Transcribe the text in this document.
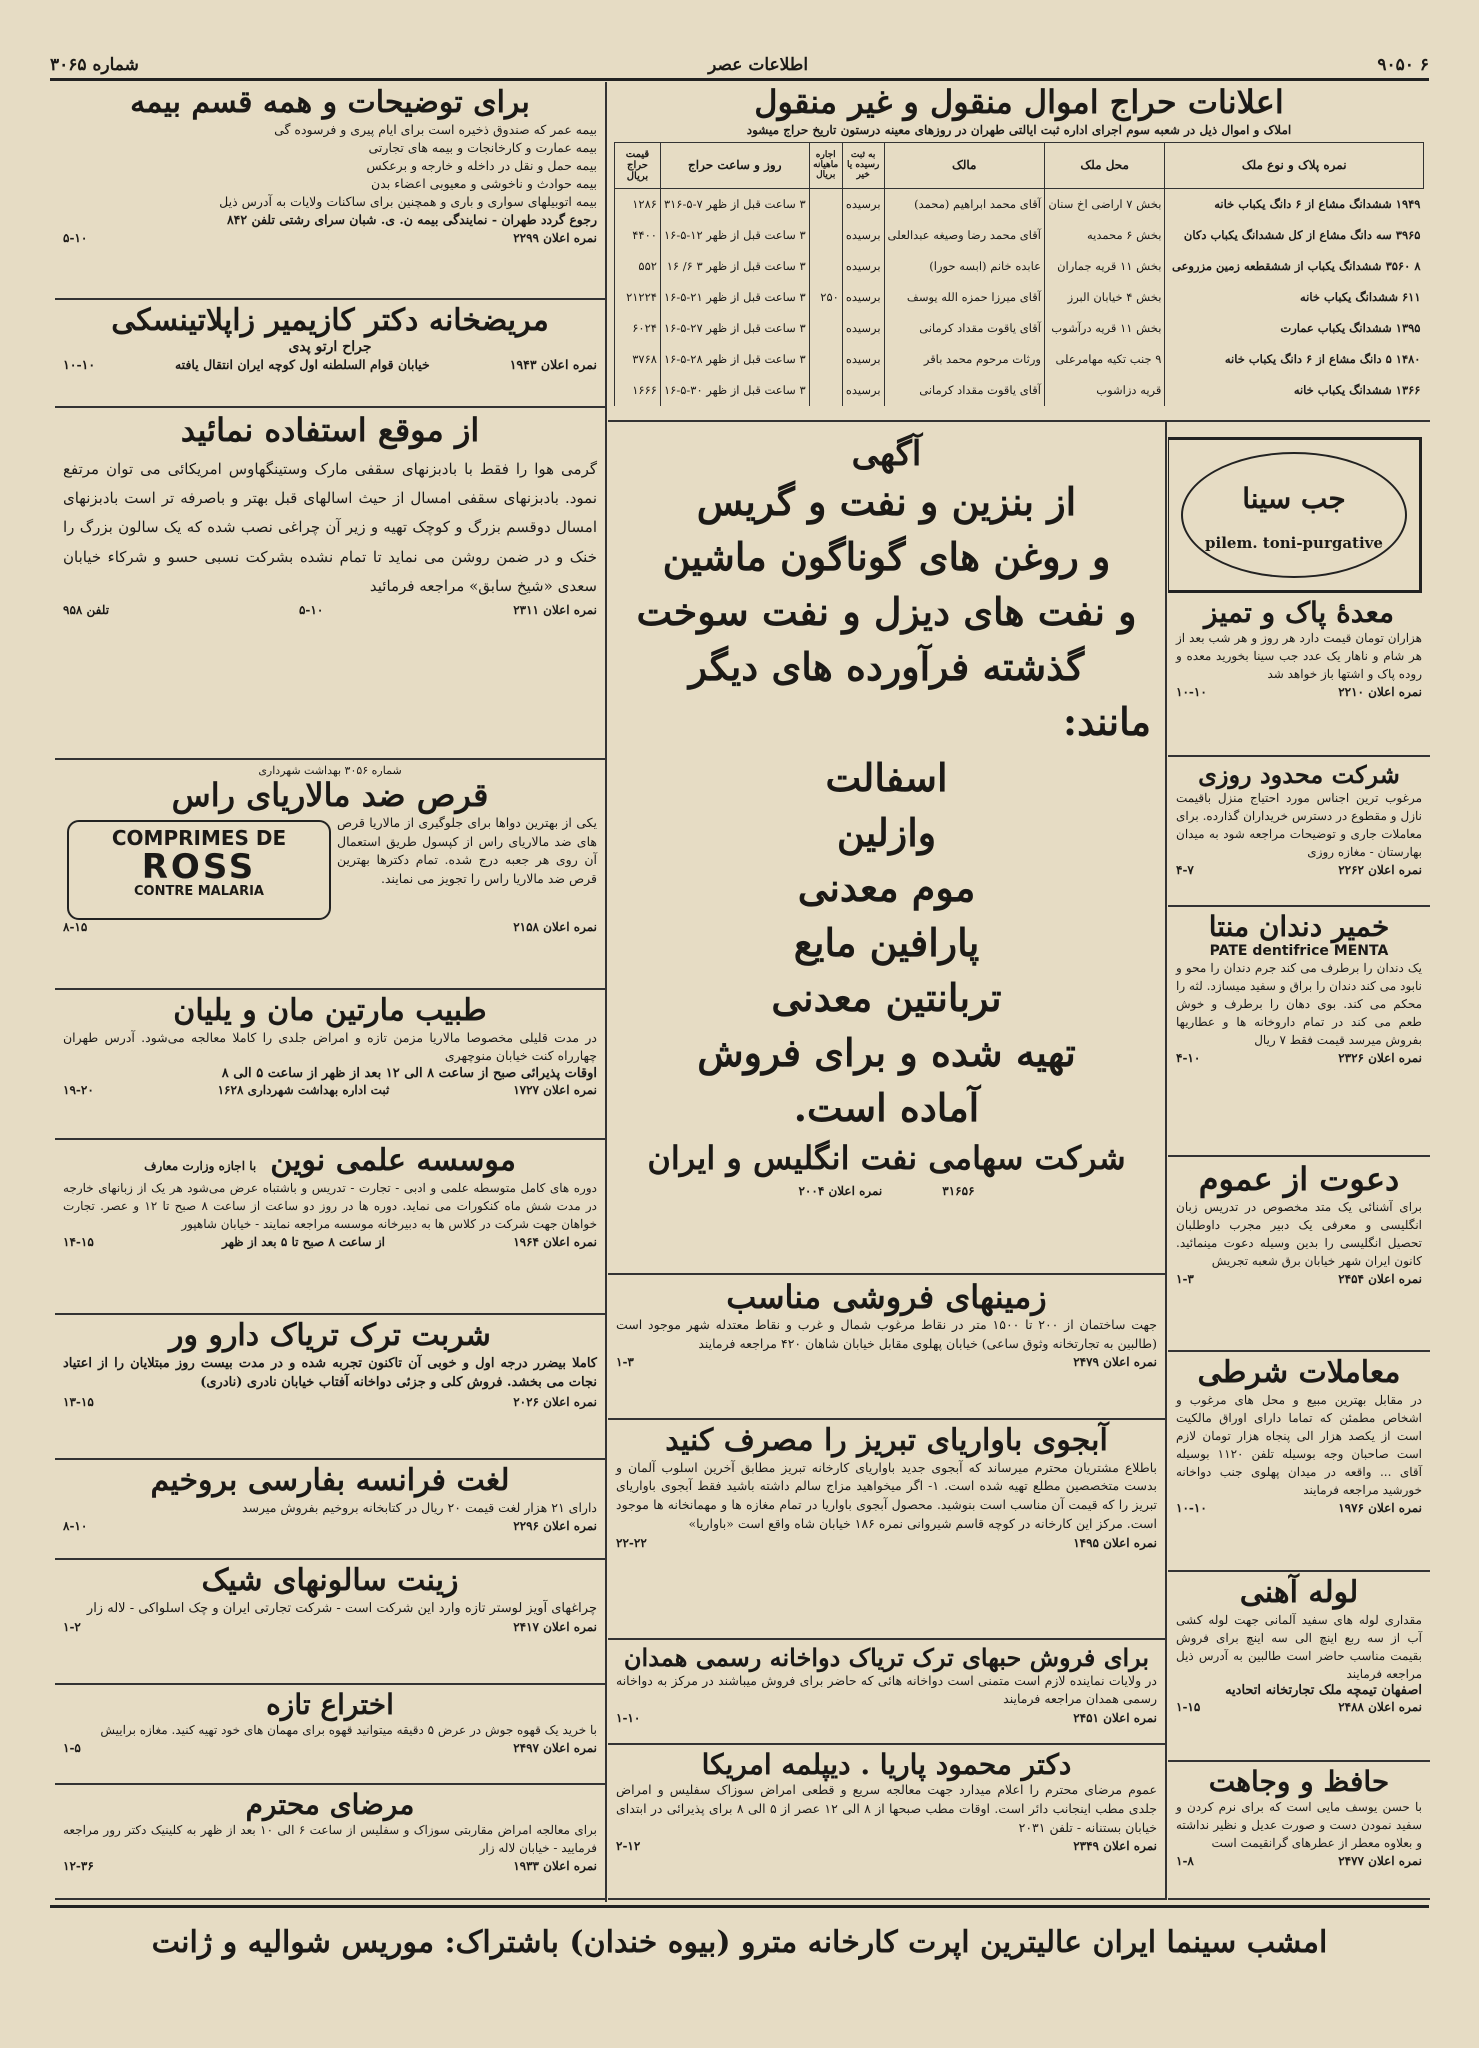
۶ ۹۰۵۰
اطلاعات عصر
شماره ۳۰۶۵
اعلانات حراج اموال منقول و غیر منقول
املاک و اموال ذیل در شعبه سوم اجرای اداره ثبت ایالتی طهران در روزهای معینه درستون تاریخ حراج میشود
نمره پلاک و نوع ملک	محل ملک	مالک	به ثبت رسیده یا خیر	اجاره ماهیانه بریال	روز و ساعت حراج	قیمت حراج بریال
۱۹۴۹ ششدانگ مشاع از ۶ دانگ یکباب خانه	بخش ۷ اراضی اخ سنان	آقای محمد ابراهیم (محمد)	برسیده		۳ ساعت قبل از ظهر ۷-۵-۳۱۶	۱۲۸۶
۳۹۶۵ سه دانگ مشاع از کل ششدانگ یکباب دکان	بخش ۶ محمدیه	آقای محمد رضا وصیغه عبدالعلی	برسیده		۳ ساعت قبل از ظهر ۱۲-۵-۱۶	۴۴۰۰
۸ ۳۵۶۰ ششدانگ یکباب از ششقطعه زمین مزروعی	بخش ۱۱ قریه جماران	عابده خانم (ابسه حورا)	برسیده		۳ ساعت قبل از ظهر ۳ ۶/ ۱۶	۵۵۲
۶۱۱ ششدانگ یکباب خانه	بخش ۴ خیابان البرز	آقای میرزا حمزه الله یوسف	برسیده	۲۵۰	۳ ساعت قبل از ظهر ۲۱-۵-۱۶	۲۱۲۲۴
۱۳۹۵ ششدانگ یکباب عمارت	بخش ۱۱ قریه درآشوب	آقای یاقوت مقداد کرمانی	برسیده		۳ ساعت قبل از ظهر ۲۷-۵-۱۶	۶۰۲۴
۱۴۸۰ ۵ دانگ مشاع از ۶ دانگ یکباب خانه	۹ جنب تکیه مهامرعلی	ورثات مرحوم محمد باقر	برسیده		۳ ساعت قبل از ظهر ۲۸-۵-۱۶	۳۷۶۸
۱۳۶۶ ششدانگ یکباب خانه	قریه دزاشوب	آقای یاقوت مقداد کرمانی	برسیده		۳ ساعت قبل از ظهر ۳۰-۵-۱۶	۱۶۶۶
جب سینا
pilem. toni-purgative
معدهٔ پاک و تمیز
هزاران تومان قیمت دارد هر روز و هر شب بعد از هر شام و ناهار یک عدد جب سینا بخورید معده و روده پاک و اشتها باز خواهد شد
نمره اعلان ۲۲۱۰
۱۰-۱۰
شرکت محدود روزی
مرغوب ترین اجناس مورد احتیاج منزل باقیمت نازل و مقطوع در دسترس خریداران گذارده. برای معاملات جاری و توضیحات مراجعه شود به میدان بهارستان - مغازه روزی
نمره اعلان ۲۲۶۲
۴-۷
خمیر دندان منتا
PATE dentifrice MENTA
یک دندان را برطرف می کند جرم دندان را محو و نابود می کند دندان را براق و سفید میسازد. لثه را محکم می کند. بوی دهان را برطرف و خوش طعم می کند در تمام داروخانه ها و عطاریها بفروش میرسد قیمت فقط ۷ ریال
نمره اعلان ۲۳۲۶
۴-۱۰
دعوت از عموم
برای آشنائی یک متد مخصوص در تدریس زبان انگلیسی و معرفی یک دبیر مجرب داوطلبان تحصیل انگلیسی را بدین وسیله دعوت مینمائید. کانون ایران شهر خیابان برق شعبه تجریش
نمره اعلان ۲۴۵۴
۱-۳
معاملات شرطی
در مقابل بهترین مبیع و محل های مرغوب و اشخاص مطمئن که تماما دارای اوراق مالکیت است از یکصد هزار الی پنجاه هزار تومان لازم است صاحبان وجه بوسیله تلفن ۱۱۲۰ بوسیله آقای ... واقعه در میدان پهلوی جنب دواخانه خورشید مراجعه فرمایند
نمره اعلان ۱۹۷۶
۱۰-۱۰
لوله آهنی
مقداری لوله های سفید آلمانی جهت لوله کشی آب از سه ربع اینچ الی سه اینچ برای فروش بقیمت مناسب حاضر است طالبین به آدرس ذیل مراجعه فرمایند
اصفهان تیمچه ملک تجارتخانه اتحادیه
نمره اعلان ۲۴۸۸
۱-۱۵
حافظ و وجاهت
با حسن یوسف مایی است که برای نرم کردن و سفید نمودن دست و صورت عدیل و نظیر نداشته و بعلاوه معطر از عطرهای گرانقیمت است
نمره اعلان ۲۴۷۷
۱-۸
آگهی
از بنزین و نفت و گریس
و روغن های گوناگون ماشین
و نفت های دیزل و نفت سوخت
گذشته فرآورده های دیگر
مانند:
اسفالت
وازلین
موم معدنی
پارافین مایع
تربانتین معدنی
تهیه شده و برای فروش
آماده است.
شرکت سهامی نفت انگلیس و ایران
۳۱۶۵۶
نمره اعلان ۲۰۰۴
زمینهای فروشی مناسب
جهت ساختمان از ۲۰۰ تا ۱۵۰۰ متر در نقاط مرغوب شمال و غرب و نقاط معتدله شهر موجود است (طالبین به تجارتخانه وثوق ساعی) خیابان پهلوی مقابل خیابان شاهان ۴۲۰ مراجعه فرمایند
نمره اعلان ۲۴۷۹
۱-۳
آبجوی باواریای تبریز را مصرف کنید
باطلاع مشتریان محترم میرساند که آبجوی جدید باواریای کارخانه تبریز مطابق آخرین اسلوب آلمان و بدست متخصصین مطلع تهیه شده است. ۱- اگر میخواهید مزاج سالم داشته باشید فقط آبجوی باواریای تبریز را که قیمت آن مناسب است بنوشید. محصول آبجوی باواریا در تمام مغازه ها و مهمانخانه ها موجود است. مرکز این کارخانه در کوچه قاسم شیروانی نمره ۱۸۶ خیابان شاه واقع است «باواریا»
نمره اعلان ۱۴۹۵
۲۲-۲۲
برای فروش حبهای ترک تریاک دواخانه رسمی همدان
در ولایات نماینده لازم است متمنی است دواخانه هائی که حاضر برای فروش میباشند در مرکز به دواخانه رسمی همدان مراجعه فرمایند
نمره اعلان ۲۴۵۱
۱-۱۰
دکتر محمود پاریا . دیپلمه امریکا
عموم مرضای محترم را اعلام میدارد جهت معالجه سریع و قطعی امراض سوزاک سفلیس و امراض جلدی مطب اینجانب دائر است. اوقات مطب صبحها از ۸ الی ۱۲ عصر از ۵ الی ۸ برای پذیرائی در ابتدای خیابان بستنانه - تلفن ۲۰۳۱
نمره اعلان ۲۳۴۹
۲-۱۲
برای توضیحات و همه قسم بیمه
بیمه عمر که صندوق ذخیره است برای ایام پیری و فرسوده گی
بیمه عمارت و کارخانجات و بیمه های تجارتی
بیمه حمل و نقل در داخله و خارجه و برعکس
بیمه حوادث و ناخوشی و معیوبی اعضاء بدن
بیمه اتوبیلهای سواری و باری و همچنین برای ساکنات ولایات به آدرس ذیل
رجوع گردد طهران - نمایندگی بیمه ن. ی. شبان سرای رشتی تلفن ۸۴۲
نمره اعلان ۲۲۹۹
۵-۱۰
مریضخانه دکتر کازیمیر زاپلاتینسکی
جراح ارتو پدی
نمره اعلان ۱۹۴۳
خیابان قوام السلطنه اول کوچه ایران انتقال یافته
۱۰-۱۰
از موقع استفاده نمائید
گرمی هوا را فقط با بادبزنهای سقفی مارک وستینگهاوس امریکائی می توان مرتفع نمود. بادبزنهای سقفی امسال از حیث اسالهای قبل بهتر و باصرفه تر است بادبزنهای امسال دوقسم بزرگ و کوچک تهیه و زیر آن چراغی نصب شده که یک سالون بزرگ را خنک و در ضمن روشن می نماید تا تمام نشده بشرکت نسبی حسو و شرکاء خیابان سعدی «شیخ سابق» مراجعه فرمائید
نمره اعلان ۲۳۱۱
۵-۱۰
تلفن ۹۵۸
شماره ۳۰۵۶ بهداشت شهرداری
قرص ضد مالاریای راس
COMPRIMES DE
ROSS
CONTRE MALARIA
یکی از بهترین دواها برای جلوگیری از مالاریا قرص های ضد مالاریای راس از کپسول طریق استعمال آن روی هر جعبه درج شده. تمام دکترها بهترین قرص ضد مالاریا راس را تجویز می نمایند.
نمره اعلان ۲۱۵۸
۸-۱۵
طبیب مارتین مان و یلیان
در مدت قلیلی مخصوصا مالاریا مزمن تازه و امراض جلدی را کاملا معالجه می‌شود. آدرس طهران چهارراه کنت خیابان منوچهری
اوقات پذیرائی صبح از ساعت ۸ الی ۱۲ بعد از ظهر از ساعت ۵ الی ۸
نمره اعلان ۱۷۲۷
ثبت اداره بهداشت شهرداری ۱۶۲۸
۱۹-۲۰
موسسه علمی نوین
با اجازه وزارت معارف
دوره های کامل متوسطه علمی و ادبی - تجارت - تدریس و باشتباه عرض می‌شود هر یک از زبانهای خارجه در مدت شش ماه کنکورات می نماید. دوره ها در روز دو ساعت از ساعت ۸ صبح تا ۱۲ و عصر. تجارت خواهان جهت شرکت در کلاس ها به دبیرخانه موسسه مراجعه نمایند - خیابان شاهپور
نمره اعلان ۱۹۶۴
از ساعت ۸ صبح تا ۵ بعد از ظهر
۱۴-۱۵
شربت ترک تریاک دارو ور
کاملا بیضرر درجه اول و خوبی آن تاکنون تجربه شده و در مدت بیست روز مبتلایان را از اعتیاد نجات می بخشد. فروش کلی و جزئی دواخانه آفتاب خیابان نادری (نادری)
نمره اعلان ۲۰۲۶
۱۳-۱۵
لغت فرانسه بفارسی بروخیم
دارای ۲۱ هزار لغت قیمت ۲۰ ریال در کتابخانه بروخیم بفروش میرسد
نمره اعلان ۲۲۹۶
۸-۱۰
زینت سالونهای شیک
چراغهای آویز لوستر تازه وارد این شرکت است - شرکت تجارتی ایران و چک اسلواکی - لاله زار
نمره اعلان ۲۴۱۷
۱-۲
اختراع تازه
با خرید یک قهوه جوش در عرض ۵ دقیقه میتوانید قهوه برای مهمان های خود تهیه کنید. مغازه براییش
نمره اعلان ۲۴۹۷
۱-۵
مرضای محترم
برای معالجه امراض مقاربتی سوزاک و سفلیس از ساعت ۶ الی ۱۰ بعد از ظهر به کلینیک دکتر رور مراجعه فرمایید - خیابان لاله زار
نمره اعلان ۱۹۳۳
۱۲-۳۶
امشب سینما ایران عالیترین اپرت کارخانه مترو (بیوه خندان) باشتراک: موریس شوالیه و ژانت
